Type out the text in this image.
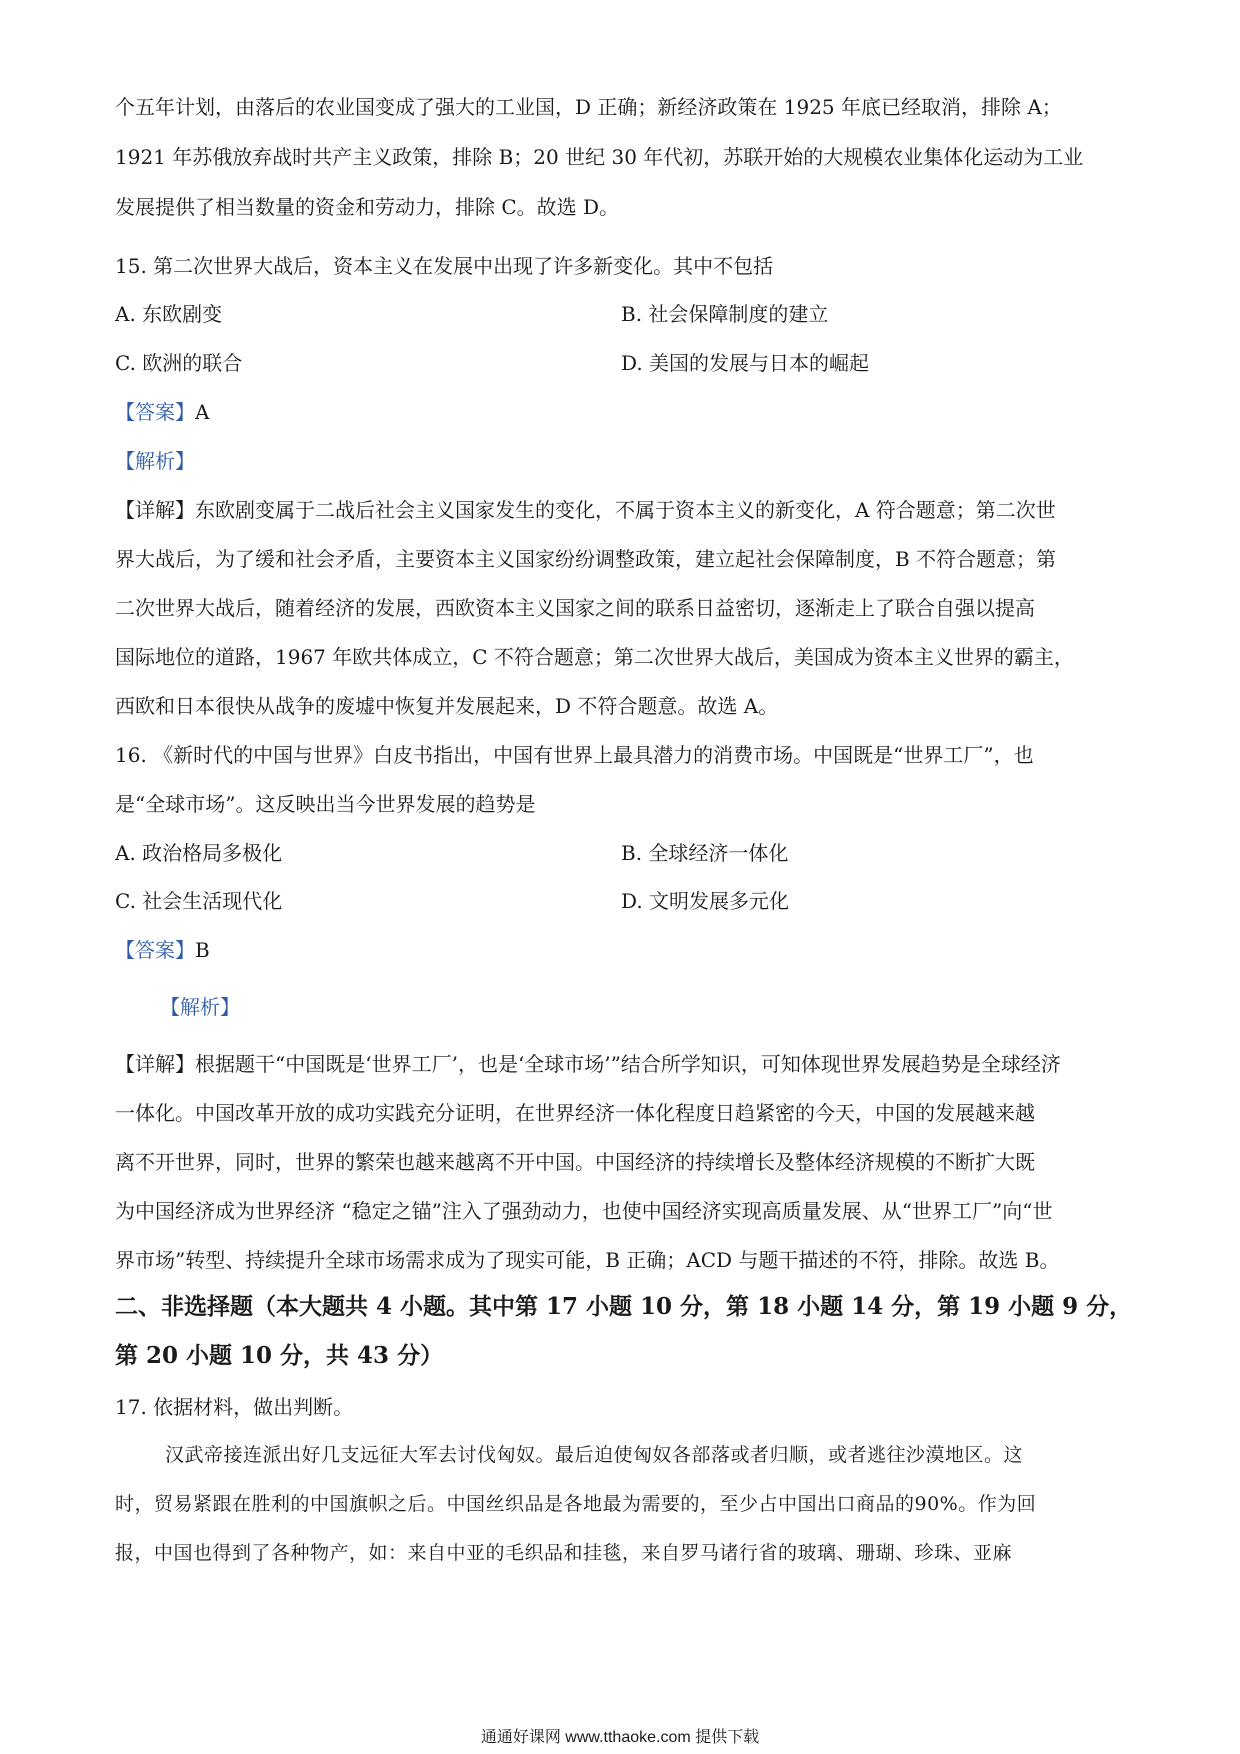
个五年计划，由落后的农业国变成了强大的工业国，D 正确；新经济政策在 1925 年底已经取消，排除 A；
1921 年苏俄放弃战时共产主义政策，排除 B；20 世纪 30 年代初，苏联开始的大规模农业集体化运动为工业
发展提供了相当数量的资金和劳动力，排除 C。故选 D。
15. 第二次世界大战后，资本主义在发展中出现了许多新变化。其中不包括
A. 东欧剧变	B. 社会保障制度的建立
C. 欧洲的联合	D. 美国的发展与日本的崛起
【答案】A
【解析】
【详解】东欧剧变属于二战后社会主义国家发生的变化，不属于资本主义的新变化，A 符合题意；第二次世
界大战后，为了缓和社会矛盾，主要资本主义国家纷纷调整政策，建立起社会保障制度，B 不符合题意；第
二次世界大战后，随着经济的发展，西欧资本主义国家之间的联系日益密切，逐渐走上了联合自强以提高
国际地位的道路，1967 年欧共体成立，C 不符合题意；第二次世界大战后，美国成为资本主义世界的霸主，
西欧和日本很快从战争的废墟中恢复并发展起来，D 不符合题意。故选 A。
16. 《新时代的中国与世界》白皮书指出，中国有世界上最具潜力的消费市场。中国既是“世界工厂”，也
是“全球市场”。这反映出当今世界发展的趋势是
A. 政治格局多极化	B. 全球经济一体化
C. 社会生活现代化	D. 文明发展多元化
【答案】B
【解析】
【详解】根据题干“中国既是‘世界工厂’，也是‘全球市场’”结合所学知识，可知体现世界发展趋势是全球经济
一体化。中国改革开放的成功实践充分证明，在世界经济一体化程度日趋紧密的今天，中国的发展越来越
离不开世界，同时，世界的繁荣也越来越离不开中国。中国经济的持续增长及整体经济规模的不断扩大既
为中国经济成为世界经济 “稳定之锚”注入了强劲动力，也使中国经济实现高质量发展、从“世界工厂”向“世
界市场”转型、持续提升全球市场需求成为了现实可能，B 正确；ACD 与题干描述的不符，排除。故选 B。
二、非选择题（本大题共 4 小题。其中第 17 小题 10 分，第 18 小题 14 分，第 19 小题 9 分，
第 20 小题 10 分，共 43 分）
17. 依据材料，做出判断。
汉武帝接连派出好几支远征大军去讨伐匈奴。最后迫使匈奴各部落或者归顺，或者逃往沙漠地区。这
时，贸易紧跟在胜利的中国旗帜之后。中国丝织品是各地最为需要的，至少占中国出口商品的90%。作为回
报，中国也得到了各种物产，如：来自中亚的毛织品和挂毯，来自罗马诸行省的玻璃、珊瑚、珍珠、亚麻
通通好课网 www.tthaoke.com 提供下载
